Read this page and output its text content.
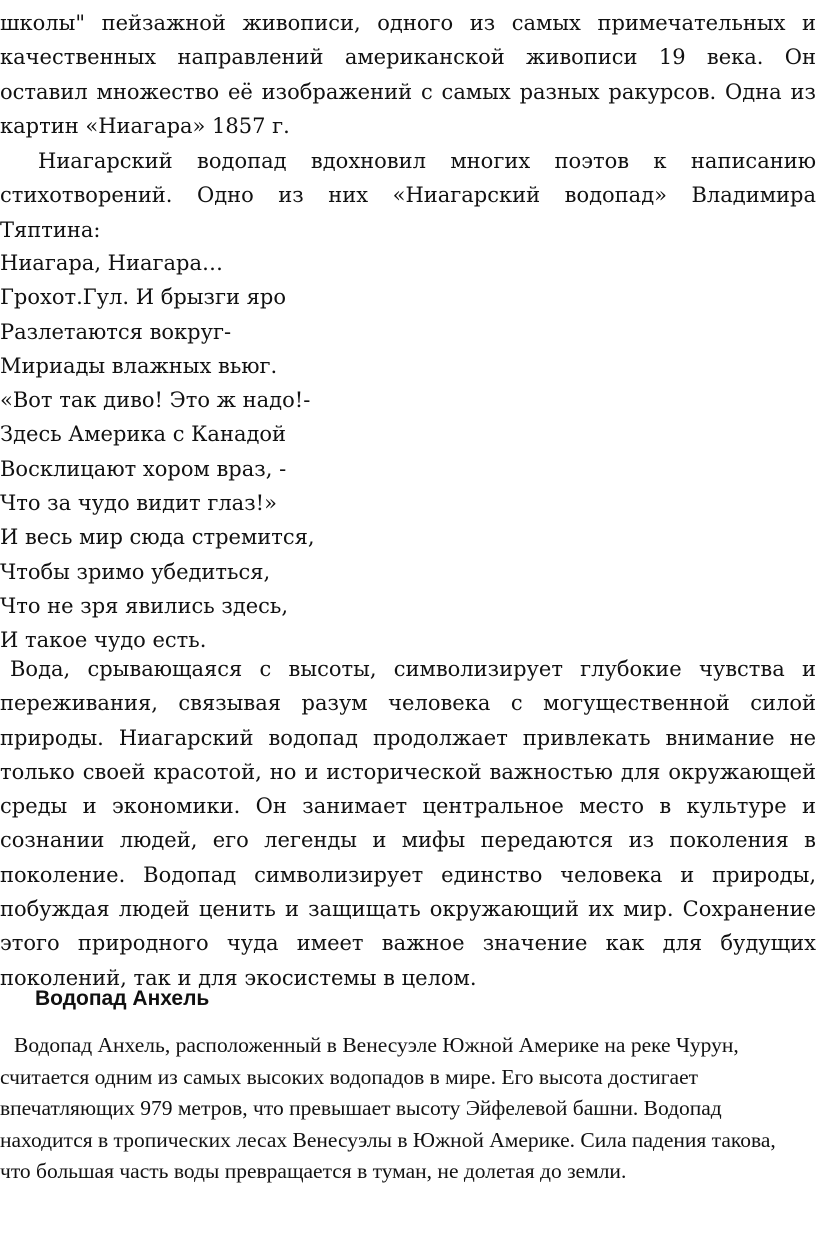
школы" пейзажной живописи, одного из самых примечательных и качественных направлений американской живописи 19 века. Он оставил множество её изображений с самых разных ракурсов. Одна из картин «Ниагара» 1857 г.

Ниагарский водопад вдохновил многих поэтов к написанию стихотворений. Одно из них «Ниагарский водопад» Владимира Тяптина:

Ниагара, Ниагара…
Грохот.Гул. И брызги яро
Разлетаются вокруг-
Мириады влажных вьюг.
«Вот так диво! Это ж надо!-
Здесь Америка с Канадой
Восклицают хором враз, -
Что за чудо видит глаз!»
И весь мир сюда стремится,
Чтобы зримо убедиться,
Что не зря явились здесь,
И такое чудо есть.

Вода, срывающаяся с высоты, символизирует глубокие чувства и переживания, связывая разум человека с могущественной силой природы. Ниагарский водопад продолжает привлекать внимание не только своей красотой, но и исторической важностью для окружающей среды и экономики. Он занимает центральное место в культуре и сознании людей, его легенды и мифы передаются из поколения в поколение. Водопад символизирует единство человека и природы, побуждая людей ценить и защищать окружающий их мир. Сохранение этого природного чуда имеет важное значение как для будущих поколений, так и для экосистемы в целом.

Водопад Анхель

Водопад Анхель, расположенный в Венесуэле Южной Америке на реке Чурун, считается одним из самых высоких водопадов в мире. Его высота достигает впечатляющих 979 метров, что превышает высоту Эйфелевой башни. Водопад находится в тропических лесах Венесуэлы в Южной Америке. Сила падения такова, что большая часть воды превращается в туман, не долетая до земли.
